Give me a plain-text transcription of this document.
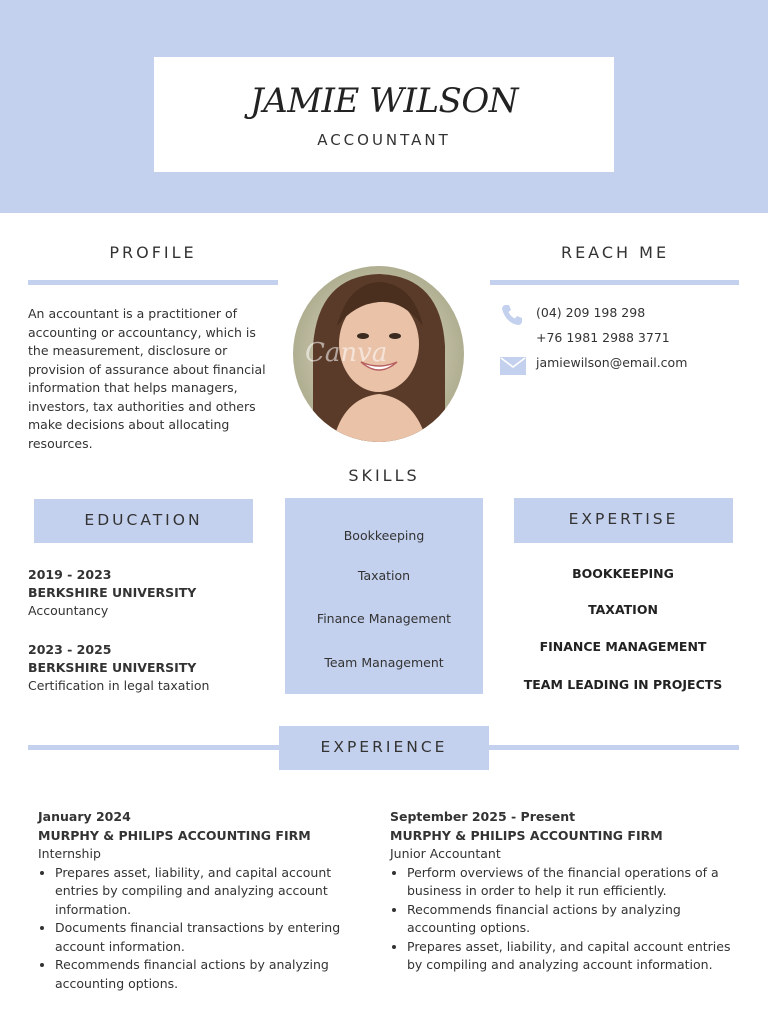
JAMIE WILSON
ACCOUNTANT
PROFILE
An accountant is a practitioner of accounting or accountancy, which is the measurement, disclosure or provision of assurance about financial information that helps managers, investors, tax authorities and others make decisions about allocating resources.
Canva
REACH ME
(04) 209 198 298
+76 1981 2988 3771
jamiewilson@email.com
SKILLS
Bookkeeping
Taxation
Finance Management
Team Management
EDUCATION
2019 - 2023
BERKSHIRE UNIVERSITY
Accountancy
2023 - 2025
BERKSHIRE UNIVERSITY
Certification in legal taxation
EXPERTISE
BOOKKEEPING
TAXATION
FINANCE MANAGEMENT
TEAM LEADING IN PROJECTS
EXPERIENCE
January 2024
MURPHY & PHILIPS ACCOUNTING FIRM
Internship
• Prepares asset, liability, and capital account entries by compiling and analyzing account information.
• Documents financial transactions by entering account information.
• Recommends financial actions by analyzing accounting options.
September 2025 - Present
MURPHY & PHILIPS ACCOUNTING FIRM
Junior Accountant
• Perform overviews of the financial operations of a business in order to help it run efficiently.
• Recommends financial actions by analyzing accounting options.
• Prepares asset, liability, and capital account entries by compiling and analyzing account information.
